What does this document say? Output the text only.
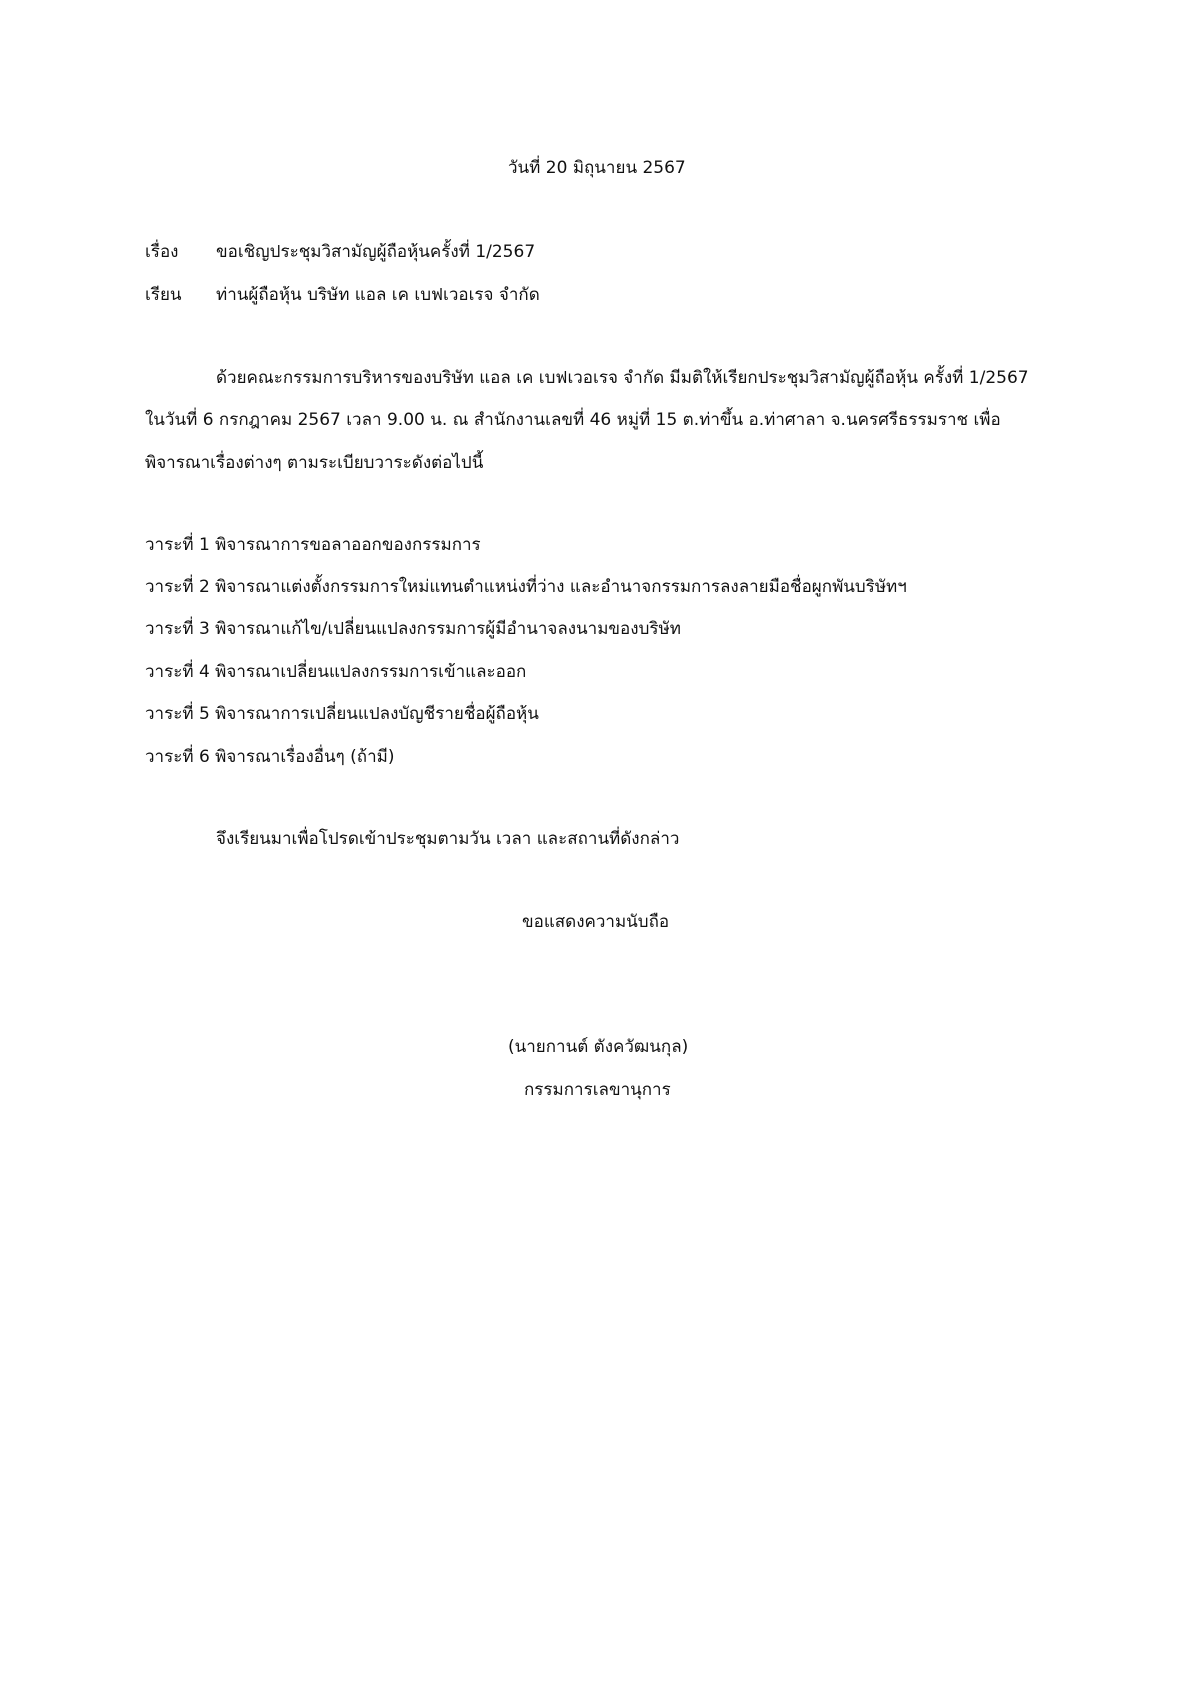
วันที่ 20 มิถุนายน 2567
เรื่อง ขอเชิญประชุมวิสามัญผู้ถือหุ้นครั้งที่ 1/2567
เรียน ท่านผู้ถือหุ้น บริษัท แอล เค เบฟเวอเรจ จำกัด
ด้วยคณะกรรมการบริหารของบริษัท แอล เค เบฟเวอเรจ จำกัด มีมติให้เรียกประชุมวิสามัญผู้ถือหุ้น ครั้งที่ 1/2567
ในวันที่ 6 กรกฎาคม 2567 เวลา 9.00 น. ณ สำนักงานเลขที่ 46 หมู่ที่ 15 ต.ท่าขึ้น อ.ท่าศาลา จ.นครศรีธรรมราช เพื่อ
พิจารณาเรื่องต่างๆ ตามระเบียบวาระดังต่อไปนี้
วาระที่ 1 พิจารณาการขอลาออกของกรรมการ
วาระที่ 2 พิจารณาแต่งตั้งกรรมการใหม่แทนตำแหน่งที่ว่าง และอำนาจกรรมการลงลายมือชื่อผูกพันบริษัทฯ
วาระที่ 3 พิจารณาแก้ไข/เปลี่ยนแปลงกรรมการผู้มีอำนาจลงนามของบริษัท
วาระที่ 4 พิจารณาเปลี่ยนแปลงกรรมการเข้าและออก
วาระที่ 5 พิจารณาการเปลี่ยนแปลงบัญชีรายชื่อผู้ถือหุ้น
วาระที่ 6 พิจารณาเรื่องอื่นๆ (ถ้ามี)
จึงเรียนมาเพื่อโปรดเข้าประชุมตามวัน เวลา และสถานที่ดังกล่าว
ขอแสดงความนับถือ
(นายกานต์ ตังควัฒนกุล)
กรรมการเลขานุการ
